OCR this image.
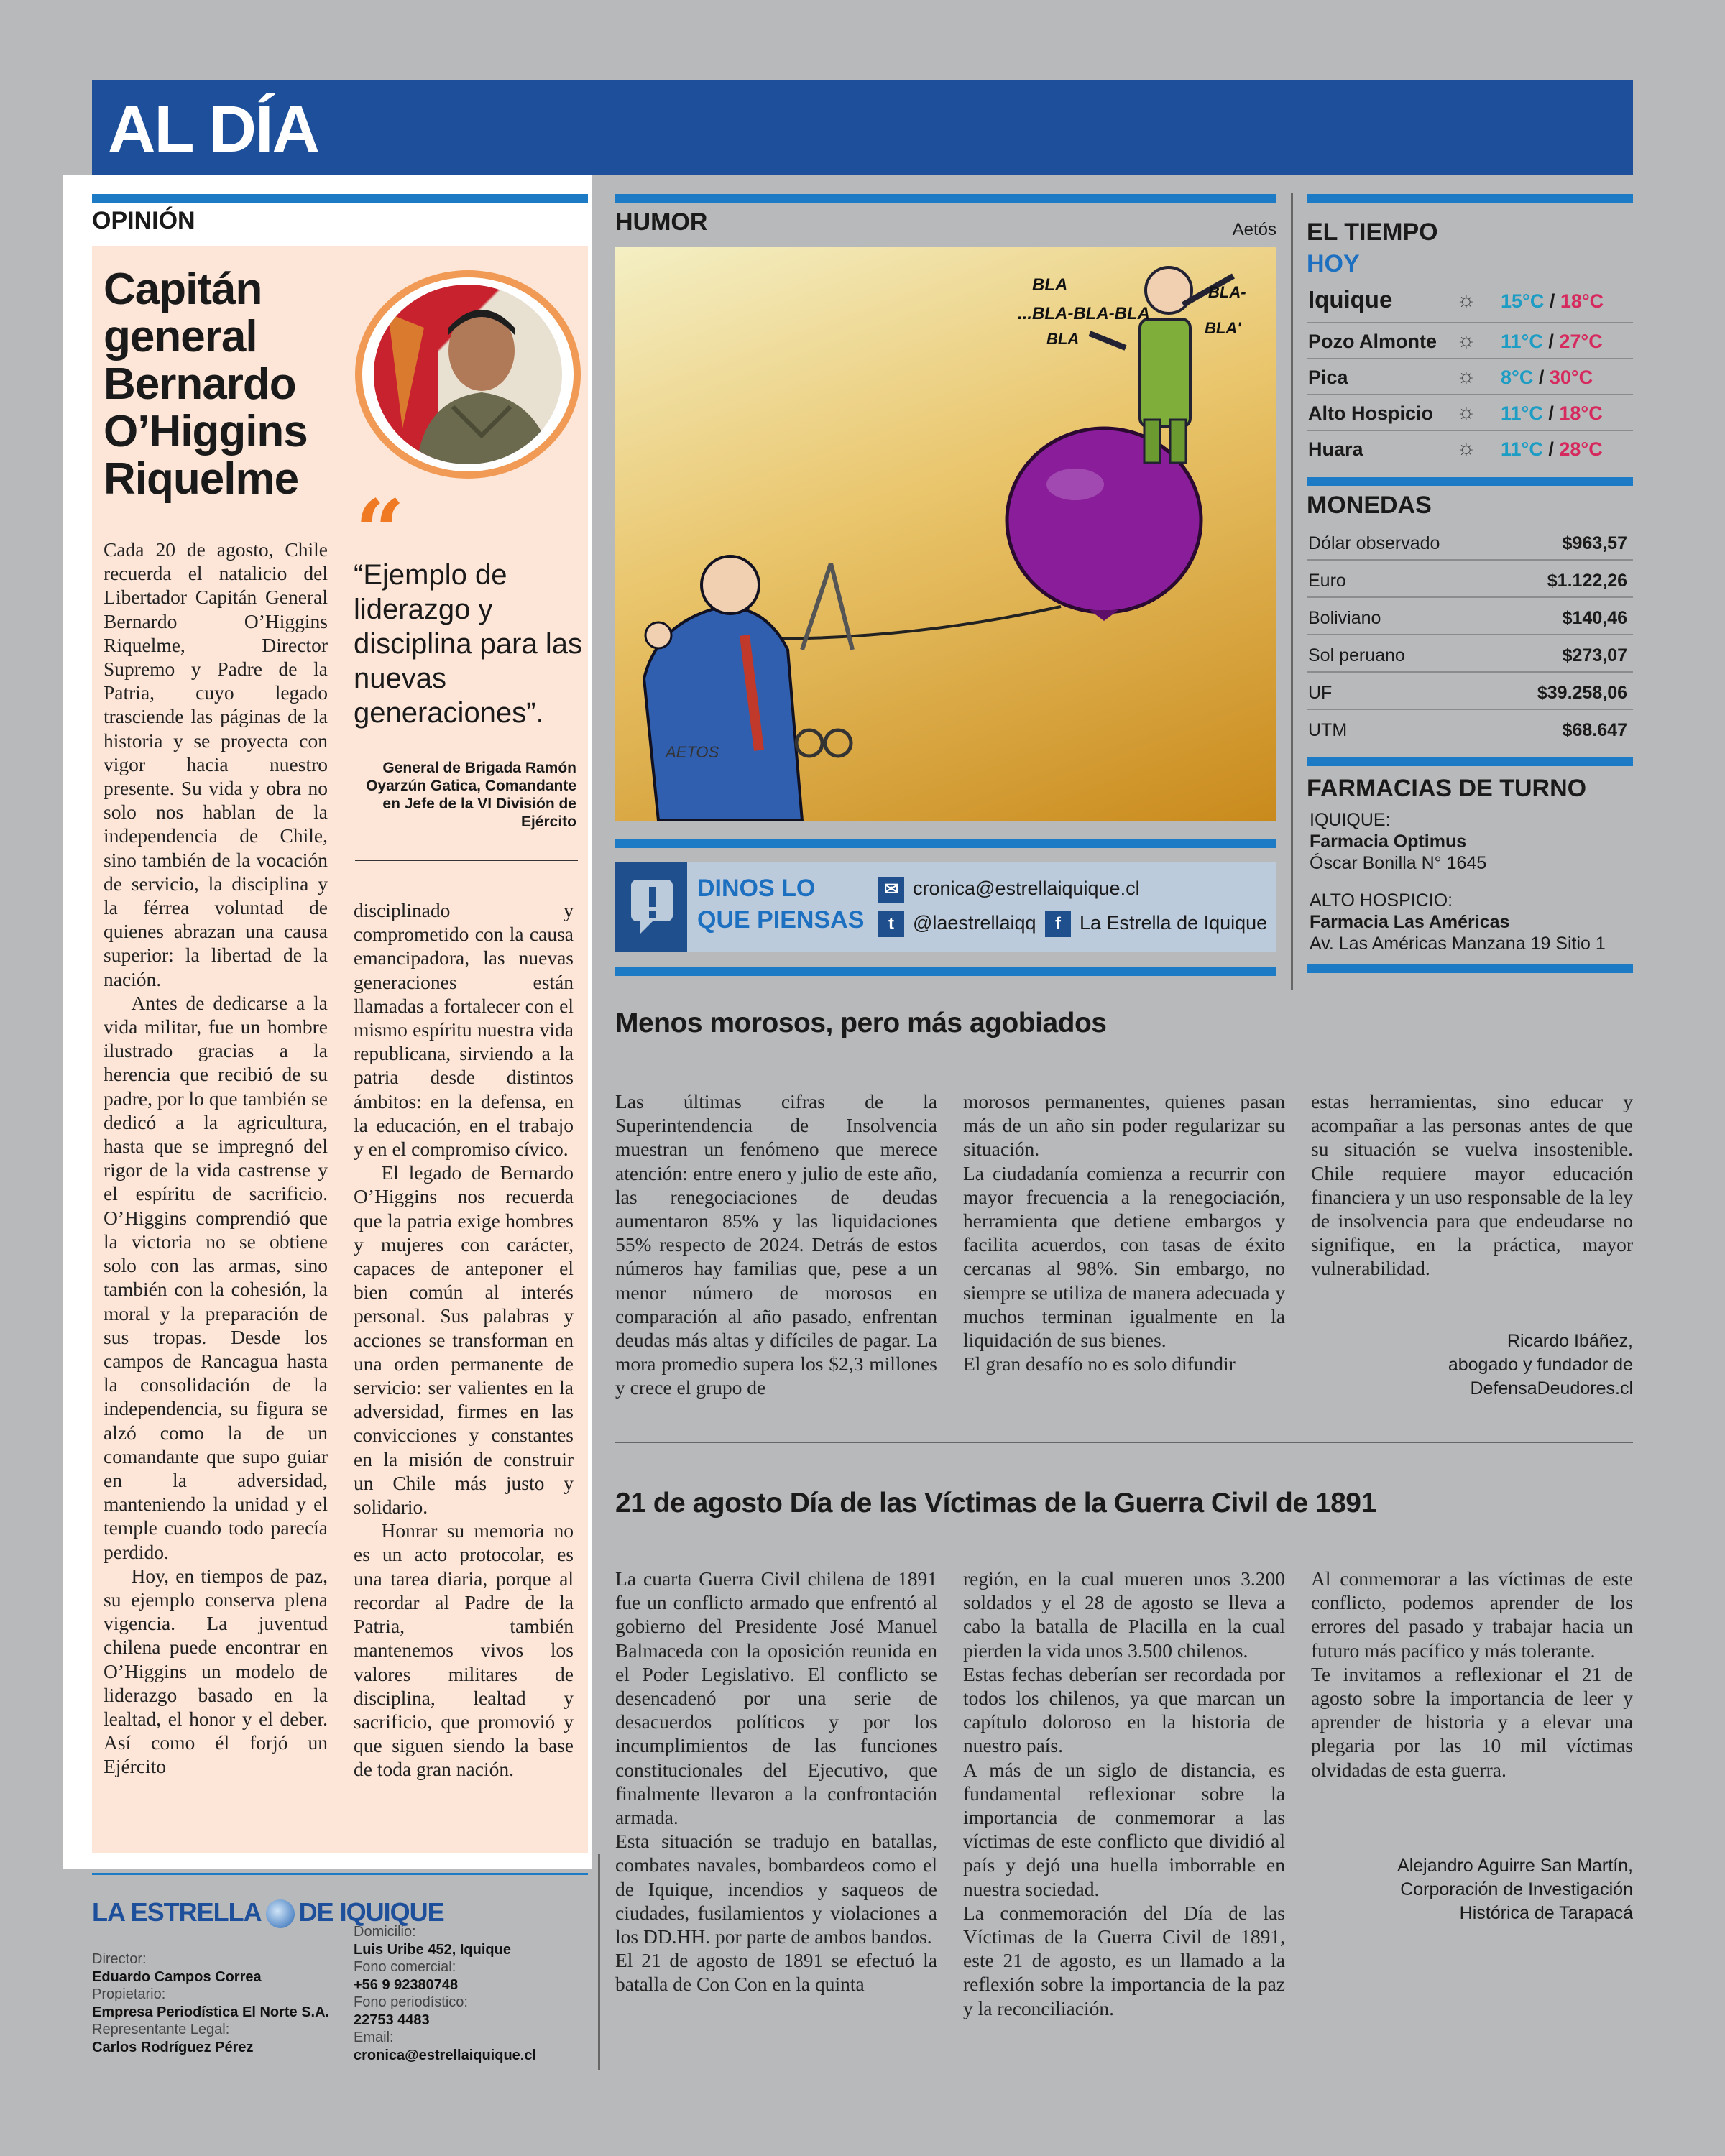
AL DÍA
OPINIÓN
Capitán general Bernardo O’Higgins Riquelme
“
“Ejemplo de liderazgo y disciplina para las nuevas generaciones”.
General de Brigada Ramón Oyarzún Gatica, Comandante en Jefe de la VI División de Ejército

Cada 20 de agosto, Chile recuerda el natalicio del Libertador Capitán General Bernardo O’Higgins Riquelme, Director Supremo y Padre de la Patria, cuyo legado trasciende las páginas de la historia y se proyecta con vigor hacia nuestro presente. Su vida y obra no solo nos hablan de la independencia de Chile, sino también de la vocación de servicio, la disciplina y la férrea voluntad de quienes abrazan una causa superior: la libertad de la nación.

Antes de dedicarse a la vida militar, fue un hombre ilustrado gracias a la herencia que recibió de su padre, por lo que también se dedicó a la agricultura, hasta que se impregnó del rigor de la vida castrense y el espíritu de sacrificio. O’Higgins comprendió que la victoria no se obtiene solo con las armas, sino también con la cohesión, la moral y la preparación de sus tropas. Desde los campos de Rancagua hasta la consolidación de la independencia, su figura se alzó como la de un comandante que supo guiar en la adversidad, manteniendo la unidad y el temple cuando todo parecía perdido.

Hoy, en tiempos de paz, su ejemplo conserva plena vigencia. La juventud chilena puede encontrar en O’Higgins un modelo de liderazgo basado en la lealtad, el honor y el deber. Así como él forjó un Ejército

disciplinado y comprometido con la causa emancipadora, las nuevas generaciones están llamadas a fortalecer con el mismo espíritu nuestra vida republicana, sirviendo a la patria desde distintos ámbitos: en la defensa, en la educación, en el trabajo y en el compromiso cívico.

El legado de Bernardo O’Higgins nos recuerda que la patria exige hombres y mujeres con carácter, capaces de anteponer el bien común al interés personal. Sus palabras y acciones se transforman en una orden permanente de servicio: ser valientes en la adversidad, firmes en las convicciones y constantes en la misión de construir un Chile más justo y solidario.

Honrar su memoria no es un acto protocolar, es una tarea diaria, porque al recordar al Padre de la Patria, también mantenemos vivos los valores militares de disciplina, lealtad y sacrificio, que promovió y que siguen siendo la base de toda gran nación.

HUMOR	Aetós
BLA
...BLA-BLA-BLA
BLA-
BLA
BLA'
AETOS
DINOS LO QUE PIENSAS
✉ cronica@estrellaiquique.cl
t @laestrellaiqq	f La Estrella de Iquique
EL TIEMPO
HOY
Iquique	☼ 15°C / 18°C
Pozo Almonte ☼ 11°C / 27°C
Pica	☼ 8°C / 30°C
Alto Hospicio ☼ 11°C / 18°C
Huara	☼ 11°C / 28°C
MONEDAS
Dólar observado	$963,57
Euro	$1.122,26
Boliviano	$140,46
Sol peruano	$273,07
UF	$39.258,06
UTM	$68.647
FARMACIAS DE TURNO
IQUIQUE:
Farmacia Optimus
Óscar Bonilla N° 1645
ALTO HOSPICIO:
Farmacia Las Américas
Av. Las Américas Manzana 19 Sitio 1
Menos morosos, pero más agobiados

Las últimas cifras de la Superintendencia de Insolvencia muestran un fenómeno que merece atención: entre enero y julio de este año, las renegociaciones de deudas aumentaron 85% y las liquidaciones 55% respecto de 2024. Detrás de estos números hay familias que, pese a un menor número de morosos en comparación al año pasado, enfrentan deudas más altas y difíciles de pagar. La mora promedio supera los $2,3 millones y crece el grupo de

morosos permanentes, quienes pasan más de un año sin poder regularizar su situación.

La ciudadanía comienza a recurrir con mayor frecuencia a la renegociación, herramienta que detiene embargos y facilita acuerdos, con tasas de éxito cercanas al 98%. Sin embargo, no siempre se utiliza de manera adecuada y muchos terminan igualmente en la liquidación de sus bienes.

El gran desafío no es solo difundir

estas herramientas, sino educar y acompañar a las personas antes de que su situación se vuelva insostenible. Chile requiere mayor educación financiera y un uso responsable de la ley de insolvencia para que endeudarse no signifique, en la práctica, mayor vulnerabilidad.

Ricardo Ibáñez,
abogado y fundador de
DefensaDeudores.cl
21 de agosto Día de las Víctimas de la Guerra Civil de 1891

La cuarta Guerra Civil chilena de 1891 fue un conflicto armado que enfrentó al gobierno del Presidente José Manuel Balmaceda con la oposición reunida en el Poder Legislativo. El conflicto se desencadenó por una serie de desacuerdos políticos y por los incumplimientos de las funciones constitucionales del Ejecutivo, que finalmente llevaron a la confrontación armada.

Esta situación se tradujo en batallas, combates navales, bombardeos como el de Iquique, incendios y saqueos de ciudades, fusilamientos y violaciones a los DD.HH. por parte de ambos bandos.

El 21 de agosto de 1891 se efectuó la batalla de Con Con en la quinta

región, en la cual mueren unos 3.200 soldados y el 28 de agosto se lleva a cabo la batalla de Placilla en la cual pierden la vida unos 3.500 chilenos.

Estas fechas deberían ser recordada por todos los chilenos, ya que marcan un capítulo doloroso en la historia de nuestro país.

A más de un siglo de distancia, es fundamental reflexionar sobre la importancia de conmemorar a las víctimas de este conflicto que dividió al país y dejó una huella imborrable en nuestra sociedad.

La conmemoración del Día de las Víctimas de la Guerra Civil de 1891, este 21 de agosto, es un llamado a la reflexión sobre la importancia de la paz y la reconciliación.

Al conmemorar a las víctimas de este conflicto, podemos aprender de los errores del pasado y trabajar hacia un futuro más pacífico y más tolerante.

Te invitamos a reflexionar el 21 de agosto sobre la importancia de leer y aprender de historia y a elevar una plegaria por las 10 mil víctimas olvidadas de esta guerra.

Alejandro Aguirre San Martín,
Corporación de Investigación
Histórica de Tarapacá
LA ESTRELLA DE IQUIQUE
Director:
Eduardo Campos Correa
Propietario:
Empresa Periodística El Norte S.A.
Representante Legal:
Carlos Rodríguez Pérez
Domicilio:
Luis Uribe 452, Iquique
Fono comercial:
+56 9 92380748
Fono periodístico:
22753 4483
Email:
cronica@estrellaiquique.cl
